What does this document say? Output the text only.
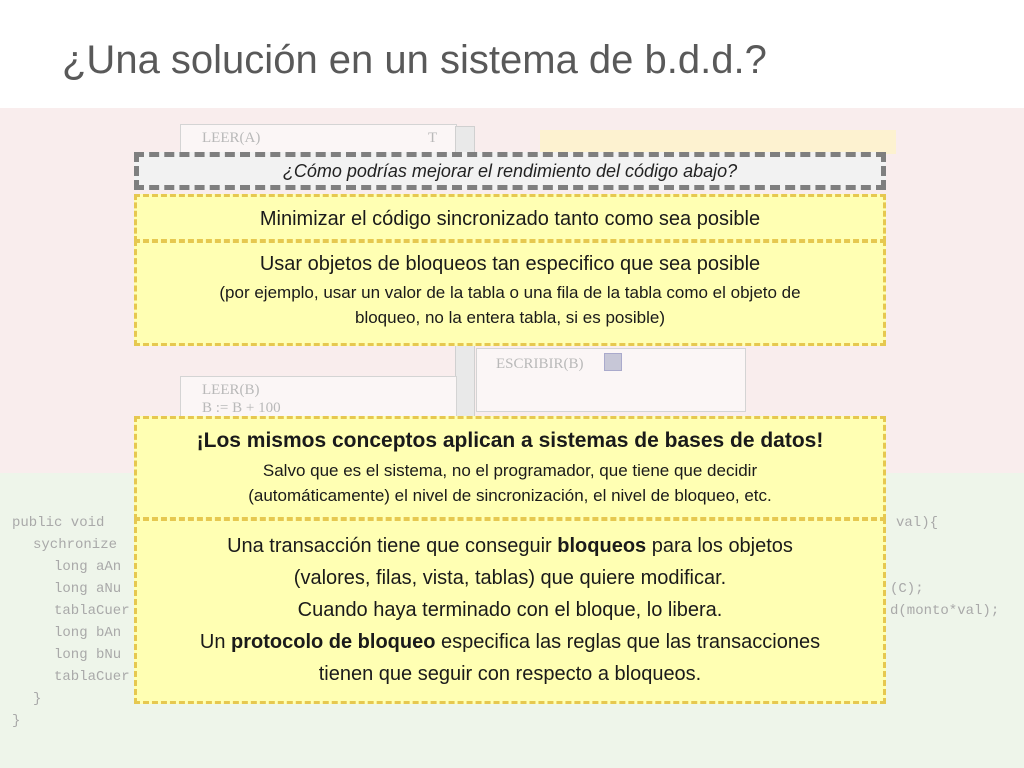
¿Una solución en un sistema de b.d.d.?
LEER(A)	T
ESCRIBIR(B)
LEER(B)
B := B + 100
public void
sychronize
long aAn
long aNu
tablaCuer
long bAn
long bNu
tablaCuer
}
}
val){
(C);
d(monto*val);
¿Cómo podrías mejorar el rendimiento del código abajo?
Minimizar el código sincronizado tanto como sea posible
Usar objetos de bloqueos tan especifico que sea posible
(por ejemplo, usar un valor de la tabla o una fila de la tabla como el objeto de
bloqueo, no la entera tabla, si es posible)
¡Los mismos conceptos aplican a sistemas de bases de datos!
Salvo que es el sistema, no el programador, que tiene que decidir
(automáticamente) el nivel de sincronización, el nivel de bloqueo, etc.
Una transacción tiene que conseguir bloqueos para los objetos
(valores, filas, vista, tablas) que quiere modificar.
Cuando haya terminado con el bloque, lo libera.
Un protocolo de bloqueo especifica las reglas que las transacciones
tienen que seguir con respecto a bloqueos.
